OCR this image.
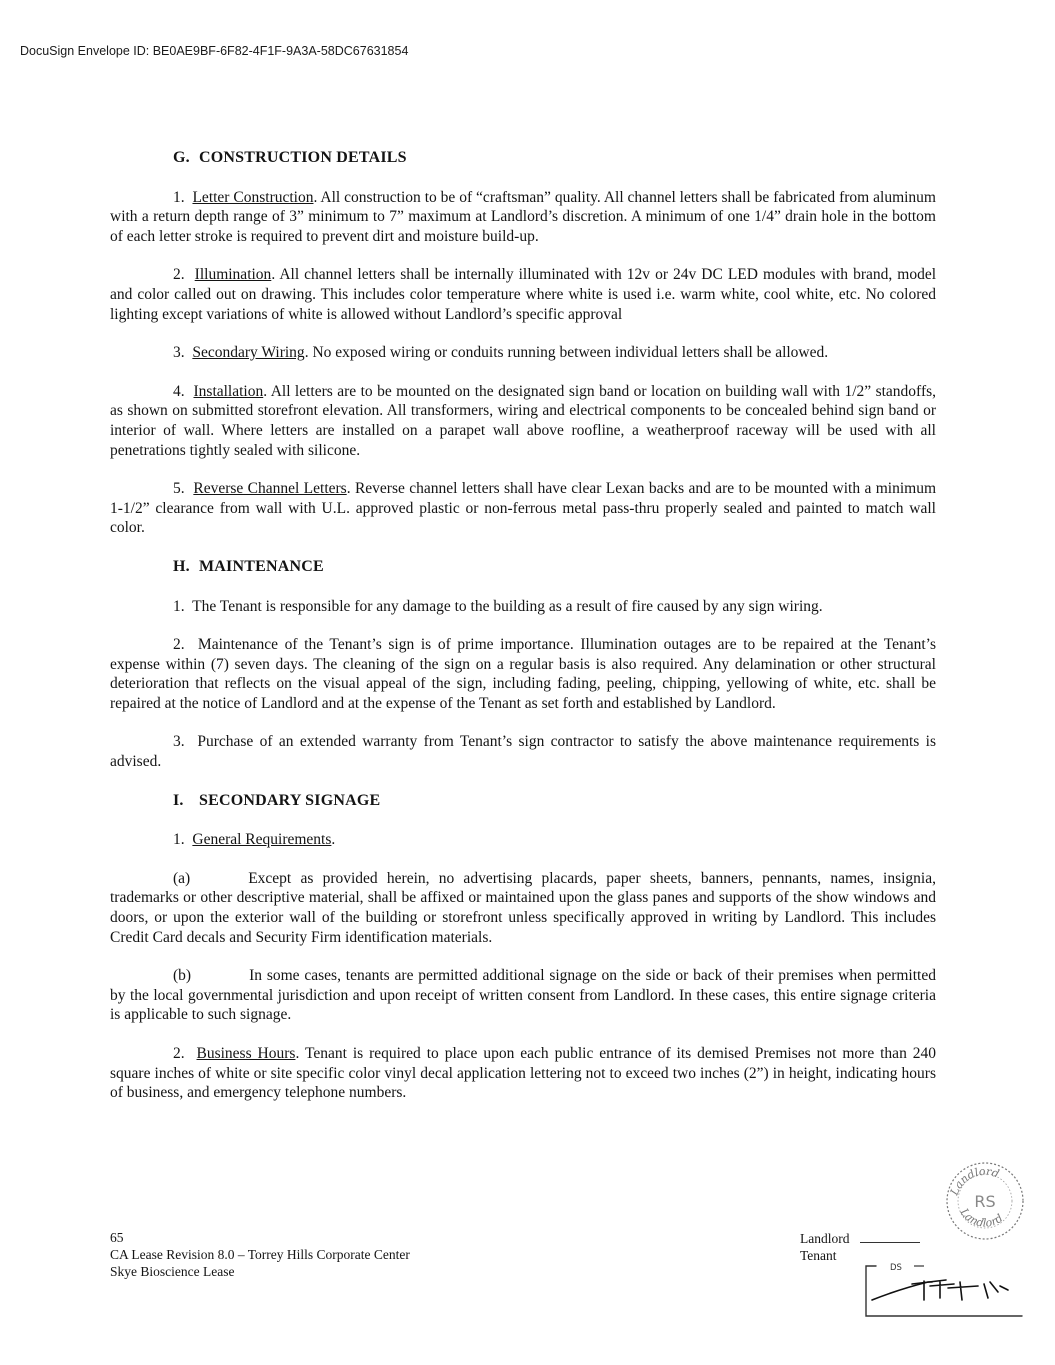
DocuSign Envelope ID: BE0AE9BF-6F82-4F1F-9A3A-58DC67631854
G. CONSTRUCTION DETAILS

1. Letter Construction. All construction to be of “craftsman” quality. All channel letters shall be fabricated from aluminum with a return depth range of 3” minimum to 7” maximum at Landlord’s discretion. A minimum of one 1/4” drain hole in the bottom of each letter stroke is required to prevent dirt and moisture build-up.

2. Illumination. All channel letters shall be internally illuminated with 12v or 24v DC LED modules with brand, model and color called out on drawing. This includes color temperature where white is used i.e. warm white, cool white, etc. No colored lighting except variations of white is allowed without Landlord’s specific approval

3. Secondary Wiring. No exposed wiring or conduits running between individual letters shall be allowed.

4. Installation. All letters are to be mounted on the designated sign band or location on building wall with 1/2” standoffs, as shown on submitted storefront elevation. All transformers, wiring and electrical components to be concealed behind sign band or interior of wall. Where letters are installed on a parapet wall above roofline, a weatherproof raceway will be used with all penetrations tightly sealed with silicone.

5. Reverse Channel Letters. Reverse channel letters shall have clear Lexan backs and are to be mounted with a minimum 1-1/2” clearance from wall with U.L. approved plastic or non-ferrous metal pass-thru properly sealed and painted to match wall color.

H. MAINTENANCE

1. The Tenant is responsible for any damage to the building as a result of fire caused by any sign wiring.

2. Maintenance of the Tenant’s sign is of prime importance. Illumination outages are to be repaired at the Tenant’s expense within (7) seven days. The cleaning of the sign on a regular basis is also required. Any delamination or other structural deterioration that reflects on the visual appeal of the sign, including fading, peeling, chipping, yellowing of white, etc. shall be repaired at the notice of Landlord and at the expense of the Tenant as set forth and established by Landlord.

3. Purchase of an extended warranty from Tenant’s sign contractor to satisfy the above maintenance requirements is advised.

I. SECONDARY SIGNAGE

1. General Requirements.

(a)	Except as provided herein, no advertising placards, paper sheets, banners, pennants, names, insignia, trademarks or other descriptive material, shall be affixed or maintained upon the glass panes and supports of the show windows and doors, or upon the exterior wall of the building or storefront unless specifically approved in writing by Landlord. This includes Credit Card decals and Security Firm identification materials.

(b)	In some cases, tenants are permitted additional signage on the side or back of their premises when permitted by the local governmental jurisdiction and upon receipt of written consent from Landlord. In these cases, this entire signage criteria is applicable to such signage.

2. Business Hours. Tenant is required to place upon each public entrance of its demised Premises not more than 240 square inches of white or site specific color vinyl decal application lettering not to exceed two inches (2”) in height, indicating hours of business, and emergency telephone numbers.

Landlord
Landlord
RS
65
CA Lease Revision 8.0 – Torrey Hills Corporate Center
Skye Bioscience Lease
Landlord
Tenant
DS
